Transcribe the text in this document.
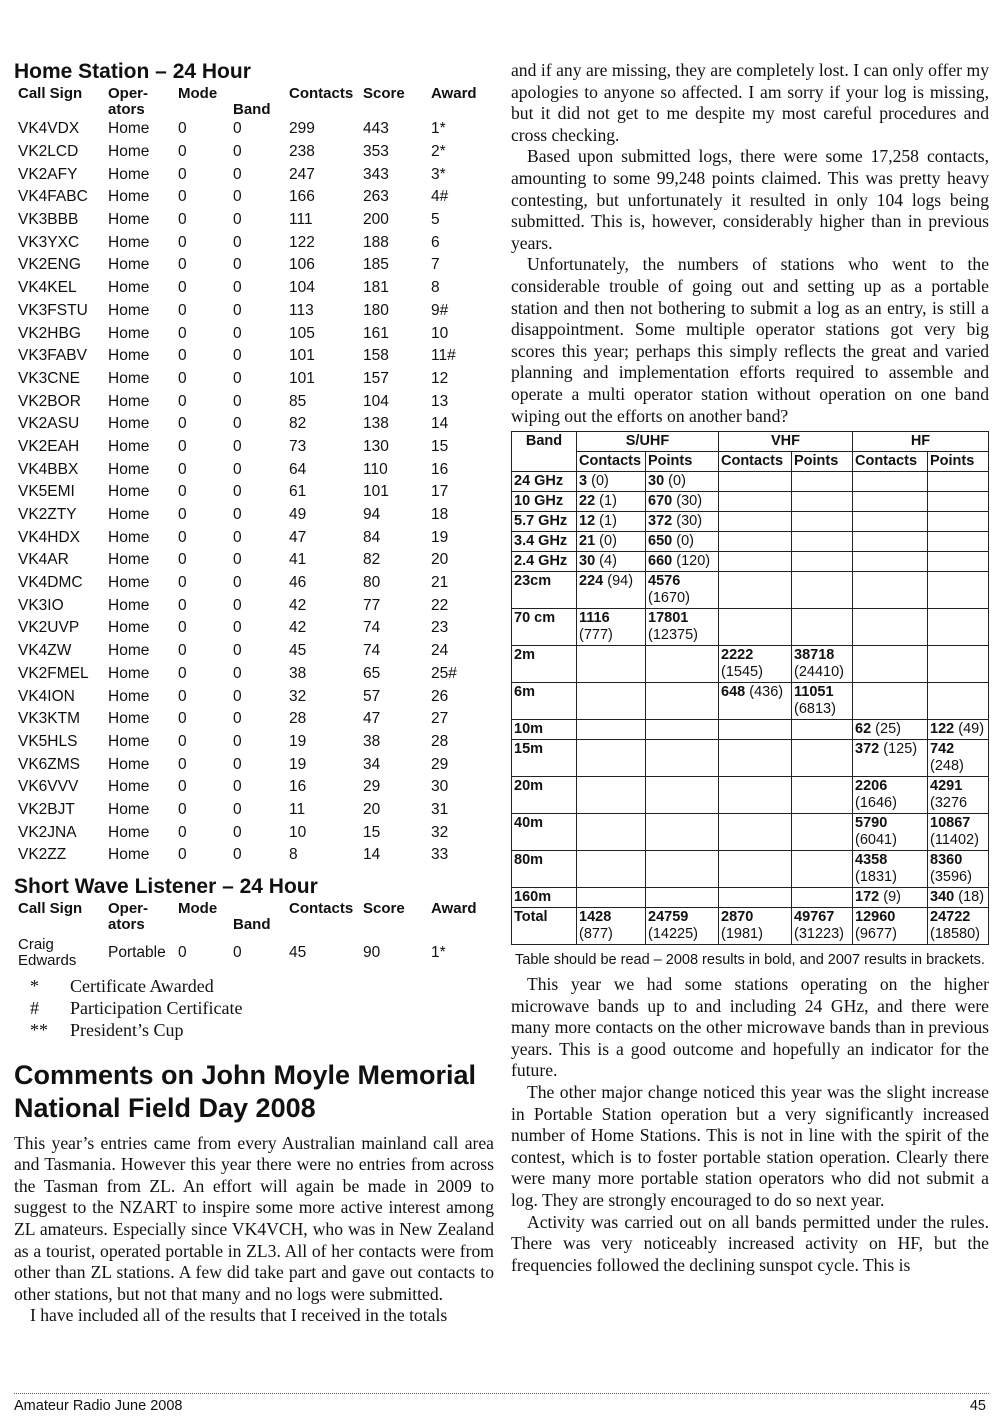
Home Station – 24 Hour
Call Sign	Oper-ators	Mode	Band	Contacts	Score	Award
VK4VDX	Home	0	0	299	443	1*
VK2LCD	Home	0	0	238	353	2*
VK2AFY	Home	0	0	247	343	3*
VK4FABC	Home	0	0	166	263	4#
VK3BBB	Home	0	0	111	200	5
VK3YXC	Home	0	0	122	188	6
VK2ENG	Home	0	0	106	185	7
VK4KEL	Home	0	0	104	181	8
VK3FSTU	Home	0	0	113	180	9#
VK2HBG	Home	0	0	105	161	10
VK3FABV	Home	0	0	101	158	11#
VK3CNE	Home	0	0	101	157	12
VK2BOR	Home	0	0	85	104	13
VK2ASU	Home	0	0	82	138	14
VK2EAH	Home	0	0	73	130	15
VK4BBX	Home	0	0	64	110	16
VK5EMI	Home	0	0	61	101	17
VK2ZTY	Home	0	0	49	94	18
VK4HDX	Home	0	0	47	84	19
VK4AR	Home	0	0	41	82	20
VK4DMC	Home	0	0	46	80	21
VK3IO	Home	0	0	42	77	22
VK2UVP	Home	0	0	42	74	23
VK4ZW	Home	0	0	45	74	24
VK2FMEL	Home	0	0	38	65	25#
VK4ION	Home	0	0	32	57	26
VK3KTM	Home	0	0	28	47	27
VK5HLS	Home	0	0	19	38	28
VK6ZMS	Home	0	0	19	34	29
VK6VVV	Home	0	0	16	29	30
VK2BJT	Home	0	0	11	20	31
VK2JNA	Home	0	0	10	15	32
VK2ZZ	Home	0	0	8	14	33
Short Wave Listener – 24 Hour
Call Sign	Oper-ators	Mode	Band	Contacts	Score	Award
Craig Edwards	Portable	0	0	45	90	1*
* Certificate Awarded
# Participation Certificate
** President’s Cup
Comments on John Moyle Memorial National Field Day 2008

This year’s entries came from every Australian mainland call area and Tasmania. However this year there were no entries from across the Tasman from ZL. An effort will again be made in 2009 to suggest to the NZART to inspire some more active interest among ZL amateurs. Especially since VK4VCH, who was in New Zealand as a tourist, operated portable in ZL3. All of her contacts were from other than ZL stations. A few did take part and gave out contacts to other stations, but not that many and no logs were submitted.

I have included all of the results that I received in the totals

and if any are missing, they are completely lost. I can only offer my apologies to anyone so affected. I am sorry if your log is missing, but it did not get to me despite my most careful procedures and cross checking.

Based upon submitted logs, there were some 17,258 contacts, amounting to some 99,248 points claimed. This was pretty heavy contesting, but unfortunately it resulted in only 104 logs being submitted. This is, however, considerably higher than in previous years.

Unfortunately, the numbers of stations who went to the considerable trouble of going out and setting up as a portable station and then not bothering to submit a log as an entry, is still a disappointment. Some multiple operator stations got very big scores this year; perhaps this simply reflects the great and varied planning and implementation efforts required to assemble and operate a multi operator station without operation on one band wiping out the efforts on another band?

Band	S/UHF		VHF		HF	
	Contacts	Points	Contacts	Points	Contacts	Points
24 GHz	3 (0)	30 (0)				
10 GHz	22 (1)	670 (30)				
5.7 GHz	12 (1)	372 (30)				
3.4 GHz	21 (0)	650 (0)				
2.4 GHz	30 (4)	660 (120)				
23cm	224 (94)	4576 (1670)				
70 cm	1116 (777)	17801 (12375)				
2m			2222 (1545)	38718 (24410)		
6m			648 (436)	11051 (6813)		
10m					62 (25)	122 (49)
15m					372 (125)	742 (248)
20m					2206 (1646)	4291 (3276
40m					5790 (6041)	10867 (11402)
80m					4358 (1831)	8360 (3596)
160m					172 (9)	340 (18)
Total	1428 (877)	24759 (14225)	2870 (1981)	49767 (31223)	12960 (9677)	24722 (18580)
Table should be read – 2008 results in bold, and 2007 results in brackets.

This year we had some stations operating on the higher microwave bands up to and including 24 GHz, and there were many more contacts on the other microwave bands than in previous years. This is a good outcome and hopefully an indicator for the future.

The other major change noticed this year was the slight increase in Portable Station operation but a very significantly increased number of Home Stations. This is not in line with the spirit of the contest, which is to foster portable station operation. Clearly there were many more portable station operators who did not submit a log. They are strongly encouraged to do so next year.

Activity was carried out on all bands permitted under the rules. There was very noticeably increased activity on HF, but the frequencies followed the declining sunspot cycle. This is

Amateur Radio June 2008	45
